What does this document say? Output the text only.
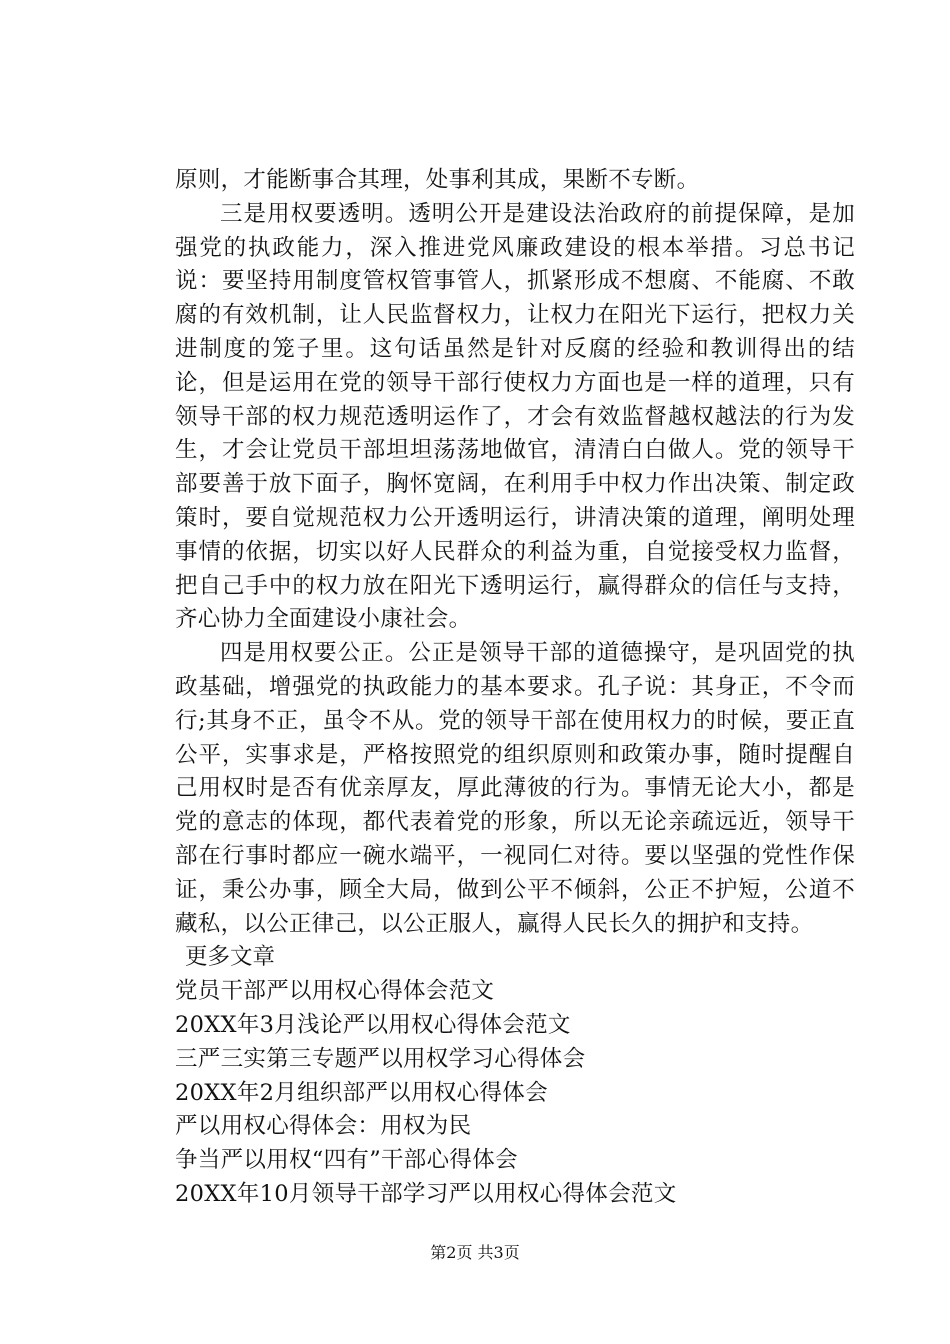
原则，才能断事合其理，处事利其成，果断不专断。

三是用权要透明。透明公开是建设法治政府的前提保障，是加强党的执政能力，深入推进党风廉政建设的根本举措。习总书记说：要坚持用制度管权管事管人，抓紧形成不想腐、不能腐、不敢腐的有效机制，让人民监督权力，让权力在阳光下运行，把权力关进制度的笼子里。这句话虽然是针对反腐的经验和教训得出的结论，但是运用在党的领导干部行使权力方面也是一样的道理，只有领导干部的权力规范透明运作了，才会有效监督越权越法的行为发生，才会让党员干部坦坦荡荡地做官，清清白白做人。党的领导干部要善于放下面子，胸怀宽阔，在利用手中权力作出决策、制定政策时，要自觉规范权力公开透明运行，讲清决策的道理，阐明处理事情的依据，切实以好人民群众的利益为重，自觉接受权力监督，把自己手中的权力放在阳光下透明运行，赢得群众的信任与支持，齐心协力全面建设小康社会。

四是用权要公正。公正是领导干部的道德操守，是巩固党的执政基础，增强党的执政能力的基本要求。孔子说：其身正，不令而行;其身不正，虽令不从。党的领导干部在使用权力的时候，要正直公平，实事求是，严格按照党的组织原则和政策办事，随时提醒自己用权时是否有优亲厚友，厚此薄彼的行为。事情无论大小，都是党的意志的体现，都代表着党的形象，所以无论亲疏远近，领导干部在行事时都应一碗水端平，一视同仁对待。要以坚强的党性作保证，秉公办事，顾全大局，做到公平不倾斜，公正不护短，公道不藏私，以公正律己，以公正服人，赢得人民长久的拥护和支持。

更多文章

党员干部严以用权心得体会范文
20XX年3月浅论严以用权心得体会范文
三严三实第三专题严以用权学习心得体会
20XX年2月组织部严以用权心得体会
严以用权心得体会：用权为民
争当严以用权“四有”干部心得体会
20XX年10月领导干部学习严以用权心得体会范文
第2页 共3页
